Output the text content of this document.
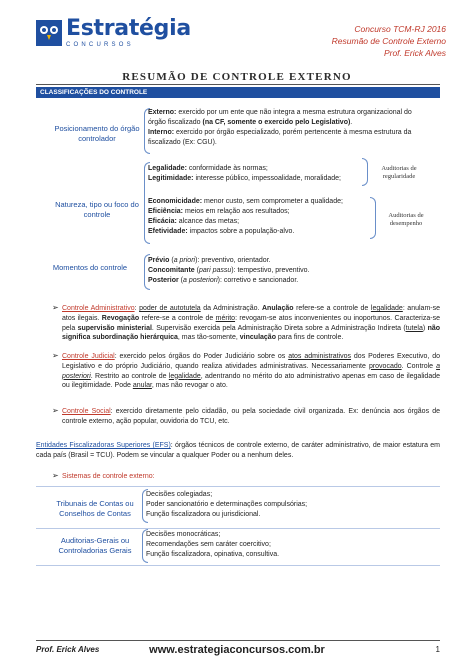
Estratégia
CONCURSOS
Concurso TCM-RJ 2016
Resumão de Controle Externo
Prof. Erick Alves
RESUMÃO DE CONTROLE EXTERNO
CLASSIFICAÇÕES DO CONTROLE
Posicionamento do órgão controlador
Externo: exercido por um ente que não integra a mesma estrutura organizacional do órgão fiscalizado (na CF, somente o exercido pelo Legislativo).
Interno: exercido por órgão especializado, porém pertencente à mesma estrutura da fiscalizado (Ex: CGU).
Natureza, tipo ou foco do controle
Legalidade: conformidade às normas;
Legitimidade: interesse público, impessoalidade, moralidade;
Auditorias de regularidade
Economicidade: menor custo, sem comprometer a qualidade;
Eficiência: meios em relação aos resultados;
Eficácia: alcance das metas;
Efetividade: impactos sobre a população-alvo.
Auditorias de desempenho
Momentos do controle
Prévio (a priori): preventivo, orientador.
Concomitante (pari passu): tempestivo, preventivo.
Posterior (a posteriori): corretivo e sancionador.
➢ Controle Administrativo: poder de autotutela da Administração. Anulação refere-se a controle de legalidade: anulam-se atos ilegais. Revogação refere-se a controle de mérito: revogam-se atos inconvenientes ou inoportunos. Caracteriza-se pela supervisão ministerial. Supervisão exercida pela Administração Direta sobre a Administração Indireta (tutela) não significa subordinação hierárquica, mas tão-somente, vinculação para fins de controle.
➢ Controle Judicial: exercido pelos órgãos do Poder Judiciário sobre os atos administrativos dos Poderes Executivo, do Legislativo e do próprio Judiciário, quando realiza atividades administrativas. Necessariamente provocado. Controle a posteriori. Restrito ao controle de legalidade, adentrando no mérito do ato administrativo apenas em caso de ilegalidade ou ilegitimidade. Pode anular, mas não revogar o ato.
➢ Controle Social: exercido diretamente pelo cidadão, ou pela sociedade civil organizada. Ex: denúncia aos órgãos de controle externo, ação popular, ouvidoria do TCU, etc.
Entidades Fiscalizadoras Superiores (EFS): órgãos técnicos de controle externo, de caráter administrativo, de maior estatura em cada país (Brasil = TCU). Podem se vincular a qualquer Poder ou a nenhum deles.
➢ Sistemas de controle externo:
Tribunais de Contas ou Conselhos de Contas
Decisões colegiadas;
Poder sancionatório e determinações compulsórias;
Função fiscalizadora ou jurisdicional.
Auditorias-Gerais ou Controladorias Gerais
Decisões monocráticas;
Recomendações sem caráter coercitivo;
Função fiscalizadora, opinativa, consultiva.
Prof. Erick Alves	www.estrategiaconcursos.com.br	1
